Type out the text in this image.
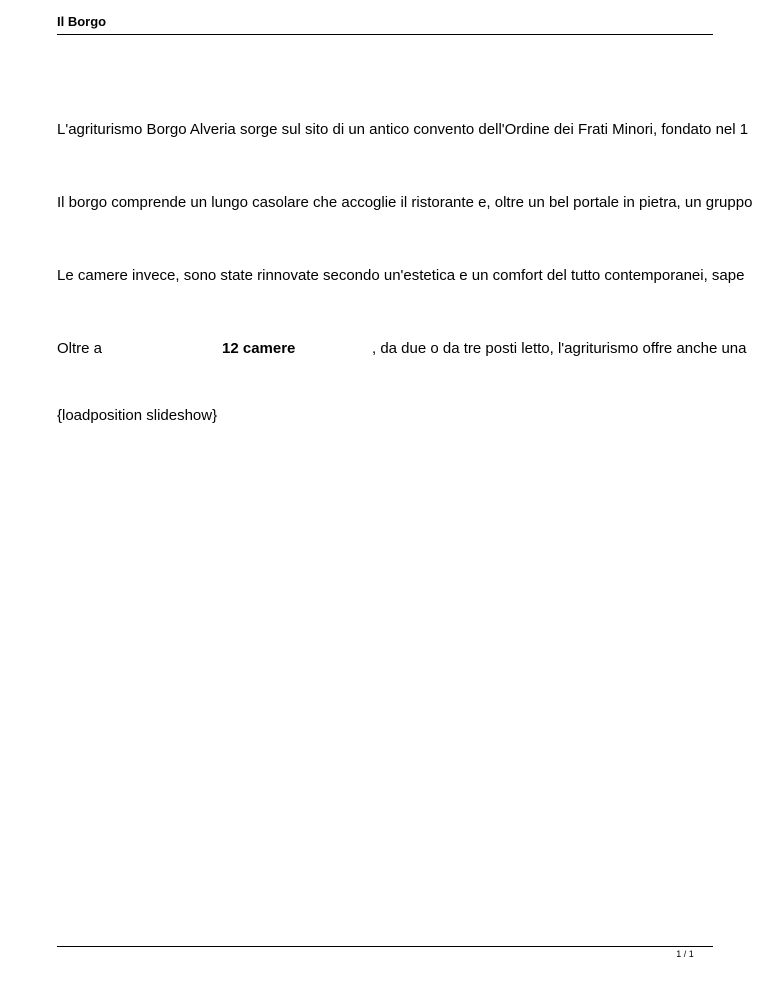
Il Borgo
L'agriturismo Borgo Alveria sorge sul sito di un antico convento dell'Ordine dei Frati Minori, fondato nel 1
Il borgo comprende un lungo casolare che accoglie il ristorante e, oltre un bel portale in pietra, un gruppo
Le camere invece, sono state rinnovate secondo un'estetica e un comfort del tutto contemporanei, sape
Oltre a	12 camere	, da due o da tre posti letto, l'agriturismo offre anche una
{loadposition slideshow}
1 / 1
